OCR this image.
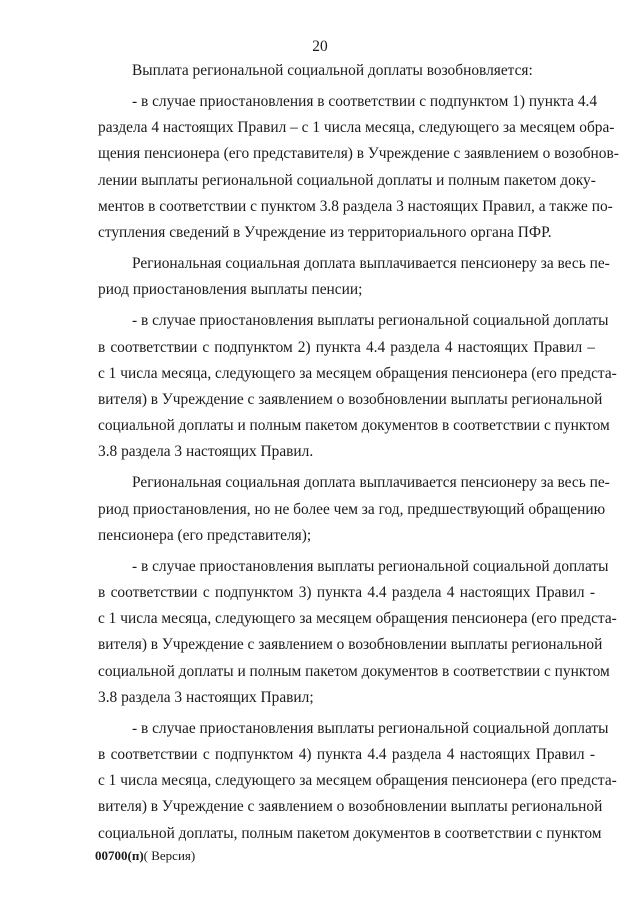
20
Выплата региональной социальной доплаты возобновляется:
- в случае приостановления в соответствии с подпунктом 1) пункта 4.4
раздела 4 настоящих Правил – с 1 числа месяца, следующего за месяцем обра-
щения пенсионера (его представителя) в Учреждение с заявлением о возобнов-
лении выплаты региональной социальной доплаты и полным пакетом доку-
ментов в соответствии с пунктом 3.8 раздела 3 настоящих Правил, а также по-
ступления сведений в Учреждение из территориального органа ПФР.
Региональная социальная доплата выплачивается пенсионеру за весь пе-
риод приостановления выплаты пенсии;
- в случае приостановления выплаты региональной социальной доплаты
в соответствии с подпунктом 2) пункта 4.4 раздела 4 настоящих Правил –
с 1 числа месяца, следующего за месяцем обращения пенсионера (его предста-
вителя) в Учреждение с заявлением о возобновлении выплаты региональной
социальной доплаты и полным пакетом документов в соответствии с пунктом
3.8 раздела 3 настоящих Правил.
Региональная социальная доплата выплачивается пенсионеру за весь пе-
риод приостановления, но не более чем за год, предшествующий обращению
пенсионера (его представителя);
- в случае приостановления выплаты региональной социальной доплаты
в соответствии с подпунктом 3) пункта 4.4 раздела 4 настоящих Правил -
с 1 числа месяца, следующего за месяцем обращения пенсионера (его предста-
вителя) в Учреждение с заявлением о возобновлении выплаты региональной
социальной доплаты и полным пакетом документов в соответствии с пунктом
3.8 раздела 3 настоящих Правил;
- в случае приостановления выплаты региональной социальной доплаты
в соответствии с подпунктом 4) пункта 4.4 раздела 4 настоящих Правил -
с 1 числа месяца, следующего за месяцем обращения пенсионера (его предста-
вителя) в Учреждение с заявлением о возобновлении выплаты региональной
социальной доплаты, полным пакетом документов в соответствии с пунктом
00700(п)( Версия)
